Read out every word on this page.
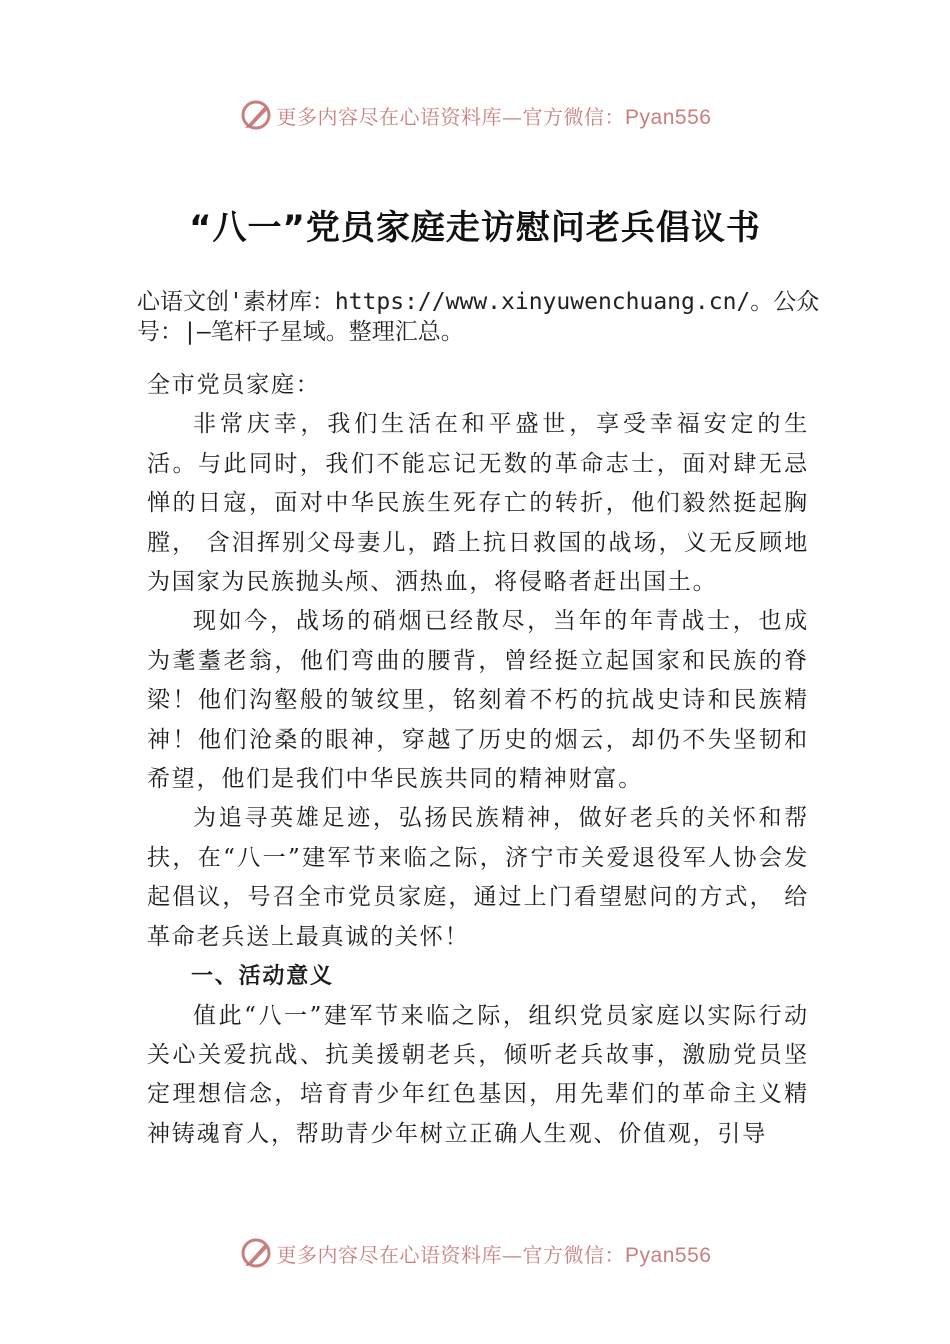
更多内容尽在心语资料库—官方微信：Pyan556
“八一”党员家庭走访慰问老兵倡议书
心语文创'素材库：https://www.xinyuwenchuang.cn/。公众号：|—笔杆子星域。整理汇总。

全市党员家庭：

非常庆幸，我们生活在和平盛世，享受幸福安定的生活。与此同时，我们不能忘记无数的革命志士，面对肆无忌惮的日寇，面对中华民族生死存亡的转折，他们毅然挺起胸膛， 含泪挥别父母妻儿，踏上抗日救国的战场，义无反顾地为国家为民族抛头颅、洒热血，将侵略者赶出国土。

现如今，战场的硝烟已经散尽，当年的年青战士，也成为耄耋老翁，他们弯曲的腰背，曾经挺立起国家和民族的脊梁！他们沟壑般的皱纹里，铭刻着不朽的抗战史诗和民族精神！他们沧桑的眼神，穿越了历史的烟云，却仍不失坚韧和希望，他们是我们中华民族共同的精神财富。

为追寻英雄足迹，弘扬民族精神，做好老兵的关怀和帮扶，在“八一”建军节来临之际，济宁市关爱退役军人协会发起倡议，号召全市党员家庭，通过上门看望慰问的方式， 给革命老兵送上最真诚的关怀！

一、活动意义

值此“八一”建军节来临之际，组织党员家庭以实际行动关心关爱抗战、抗美援朝老兵，倾听老兵故事，激励党员坚定理想信念，培育青少年红色基因，用先辈们的革命主义精神铸魂育人，帮助青少年树立正确人生观、价值观，引导

更多内容尽在心语资料库—官方微信：Pyan556
